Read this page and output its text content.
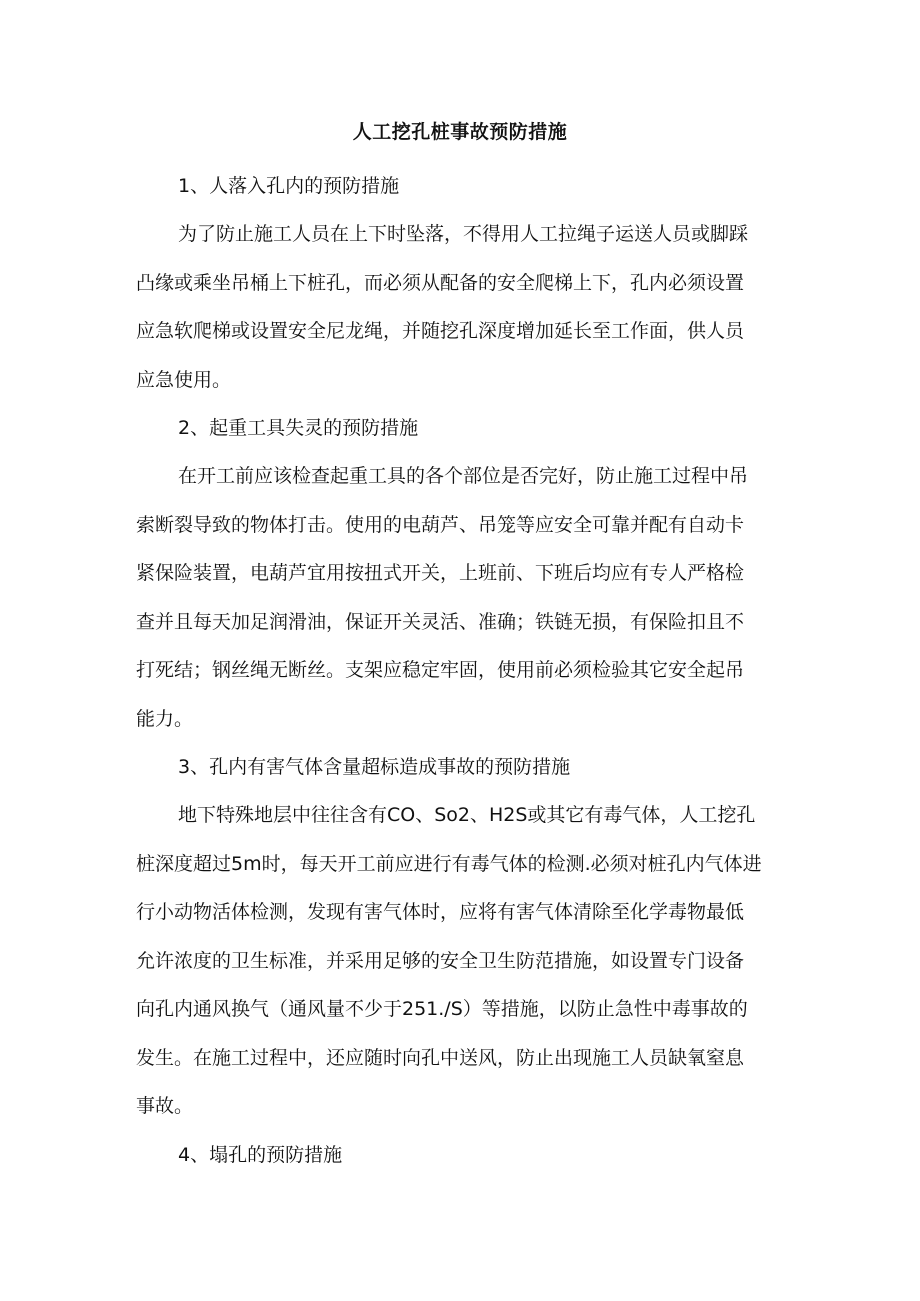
人工挖孔桩事故预防措施
1、人落入孔内的预防措施
为了防止施工人员在上下时坠落，不得用人工拉绳子运送人员或脚踩
凸缘或乘坐吊桶上下桩孔，而必须从配备的安全爬梯上下，孔内必须设置
应急软爬梯或设置安全尼龙绳，并随挖孔深度增加延长至工作面，供人员
应急使用。
2、起重工具失灵的预防措施
在开工前应该检查起重工具的各个部位是否完好，防止施工过程中吊
索断裂导致的物体打击。使用的电葫芦、吊笼等应安全可靠并配有自动卡
紧保险装置，电葫芦宜用按扭式开关，上班前、下班后均应有专人严格检
查并且每天加足润滑油，保证开关灵活、准确；铁链无损，有保险扣且不
打死结；钢丝绳无断丝。支架应稳定牢固，使用前必须检验其它安全起吊
能力。
3、孔内有害气体含量超标造成事故的预防措施
地下特殊地层中往往含有CO、So2、H2S或其它有毒气体，人工挖孔
桩深度超过5m时，每天开工前应进行有毒气体的检测.必须对桩孔内气体进
行小动物活体检测，发现有害气体时，应将有害气体清除至化学毒物最低
允许浓度的卫生标准，并采用足够的安全卫生防范措施，如设置专门设备
向孔内通风换气（通风量不少于251./S）等措施，以防止急性中毒事故的
发生。在施工过程中，还应随时向孔中送风，防止出现施工人员缺氧窒息
事故。
4、塌孔的预防措施
